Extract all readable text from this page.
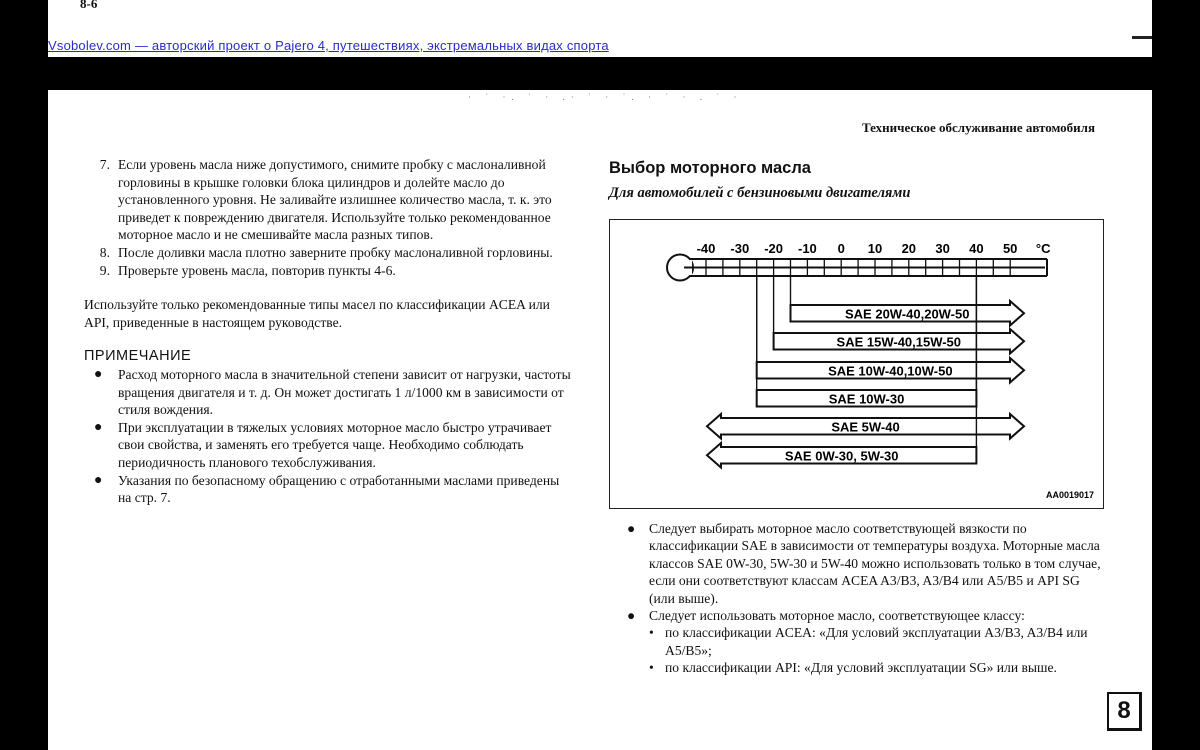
8-6
Vsobolev.com — авторский проект о Pajero 4, путешествиях, экстремальных видах спорта
· ˙ ·. ˙ · .· ˙ · ˙. · ˙ · . ˙ ·
Техническое обслуживание автомобиля
7. Если уровень масла ниже допустимого, снимите пробку с маслоналивной горловины в крышке головки блока цилиндров и долейте масло до установленного уровня. Не заливайте излишнее количество масла, т. к. это приведет к повреждению двигателя. Используйте только рекомендованное моторное масло и не смешивайте масла разных типов.
8. После доливки масла плотно заверните пробку маслоналивной горловины.
9. Проверьте уровень масла, повторив пункты 4-6.
Используйте только рекомендованные типы масел по классификации ACEA или API, приведенные в настоящем руководстве.
ПРИМЕЧАНИЕ
●	Расход моторного масла в значительной степени зависит от нагрузки, частоты вращения двигателя и т. д. Он может достигать 1 л/1000 км в зависимости от стиля вождения.
●	При эксплуатации в тяжелых условиях моторное масло быстро утрачивает свои свойства, и заменять его требуется чаще. Необходимо соблюдать периодичность планового техобслуживания.
●	Указания по безопасному обращению с отработанными маслами приведены на стр. 7.
Выбор моторного масла
Для автомобилей с бензиновыми двигателями
-40 -30 -20 -10 0 10 20 30 40 50 °C
SAE 20W-40,20W-50
SAE 15W-40,15W-50
SAE 10W-40,10W-50
SAE 10W-30
SAE 5W-40
SAE 0W-30, 5W-30
AA0019017
●	Следует выбирать моторное масло соответствующей вязкости по классификации SAE в зависимости от температуры воздуха. Моторные масла классов SAE 0W-30, 5W-30 и 5W-40 можно использовать только в том случае, если они соответствуют классам ACEA A3/B3, A3/B4 или A5/B5 и API SG (или выше).
●	Следует использовать моторное масло, соответствующее классу:
• по классификации ACEA: «Для условий эксплуатации A3/B3, A3/B4 или A5/B5»;
• по классификации API: «Для условий эксплуатации SG» или выше.
8
